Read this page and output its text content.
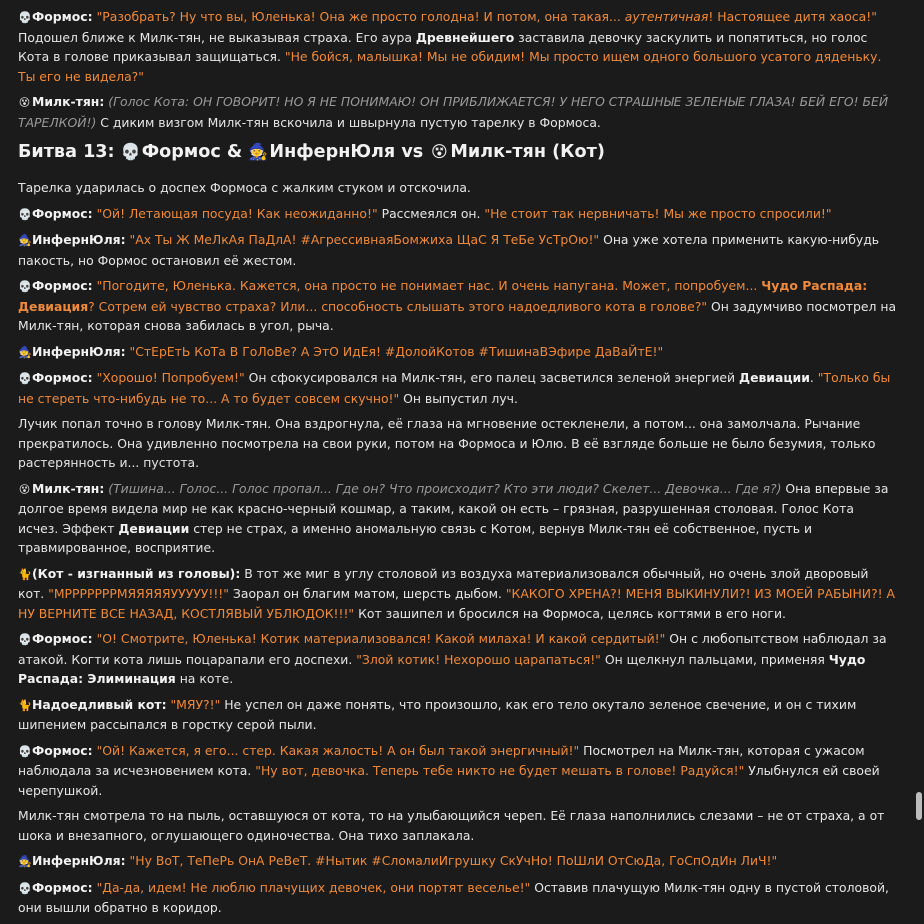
💀Формос: "Разобрать? Ну что вы, Юленька! Она же просто голодна! И потом, она такая... аутентичная! Настоящее дитя хаоса!" Подошел ближе к Милк-тян, не выказывая страха. Его аура Древнейшего заставила девочку заскулить и попятиться, но голос Кота в голове приказывал защищаться. "Не бойся, малышка! Мы не обидим! Мы просто ищем одного большого усатого дяденьку. Ты его не видела?"

😵 Милк-тян: (Голос Кота: ОН ГОВОРИТ! НО Я НЕ ПОНИМАЮ! ОН ПРИБЛИЖАЕТСЯ! У НЕГО СТРАШНЫЕ ЗЕЛЕНЫЕ ГЛАЗА! БЕЙ ЕГО! БЕЙ ТАРЕЛКОЙ!) С диким визгом Милк-тян вскочила и швырнула пустую тарелку в Формоса.

Битва 13: 💀Формос & 🧙ИнфернЮля vs 😵 Милк-тян (Кот)

Тарелка ударилась о доспех Формоса с жалким стуком и отскочила.

💀Формос: "Ой! Летающая посуда! Как неожиданно!" Рассмеялся он. "Не стоит так нервничать! Мы же просто спросили!"

🧙ИнфернЮля: "Ах Ты Ж МеЛкАя ПаДлА! #АгрессивнаяБомжиха ЩаС Я ТеБе УсТрОю!" Она уже хотела применить какую-нибудь пакость, но Формос остановил её жестом.

💀Формос: "Погодите, Юленька. Кажется, она просто не понимает нас. И очень напугана. Может, попробуем... Чудо Распада: Девиация? Сотрем ей чувство страха? Или... способность слышать этого надоедливого кота в голове?" Он задумчиво посмотрел на Милк-тян, которая снова забилась в угол, рыча.

🧙ИнфернЮля: "СтЕрЕтЬ КоТа В ГоЛоВе? А ЭтО ИдЕя! #ДолойКотов #ТишинаВЭфире ДаВаЙтЕ!"

💀Формос: "Хорошо! Попробуем!" Он сфокусировался на Милк-тян, его палец засветился зеленой энергией Девиации. "Только бы не стереть что-нибудь не то... А то будет совсем скучно!" Он выпустил луч.

Лучик попал точно в голову Милк-тян. Она вздрогнула, её глаза на мгновение остекленели, а потом... она замолчала. Рычание прекратилось. Она удивленно посмотрела на свои руки, потом на Формоса и Юлю. В её взгляде больше не было безумия, только растерянность и... пустота.

😵 Милк-тян: (Тишина... Голос... Голос пропал... Где он? Что происходит? Кто эти люди? Скелет... Девочка... Где я?) Она впервые за долгое время видела мир не как красно-черный кошмар, а таким, какой он есть – грязная, разрушенная столовая. Голос Кота исчез. Эффект Девиации стер не страх, а именно аномальную связь с Котом, вернув Милк-тян её собственное, пусть и травмированное, восприятие.

🐈(Кот - изгнанный из головы): В тот же миг в углу столовой из воздуха материализовался обычный, но очень злой дворовый кот. "МРРРРРРРМЯЯЯЯЯУУУУУ!!!" Заорал он благим матом, шерсть дыбом. "КАКОГО ХРЕНА?! МЕНЯ ВЫКИНУЛИ?! ИЗ МОЕЙ РАБЫНИ?! А НУ ВЕРНИТЕ ВСЕ НАЗАД, КОСТЛЯВЫЙ УБЛЮДОК!!!" Кот зашипел и бросился на Формоса, целясь когтями в его ноги.

💀Формос: "О! Смотрите, Юленька! Котик материализовался! Какой милаха! И какой сердитый!" Он с любопытством наблюдал за атакой. Когти кота лишь поцарапали его доспехи. "Злой котик! Нехорошо царапаться!" Он щелкнул пальцами, применяя Чудо Распада: Элиминация на коте.

🐈Надоедливый кот: "МЯУ?!" Не успел он даже понять, что произошло, как его тело окутало зеленое свечение, и он с тихим шипением рассыпался в горстку серой пыли.

💀Формос: "Ой! Кажется, я его... стер. Какая жалость! А он был такой энергичный!" Посмотрел на Милк-тян, которая с ужасом наблюдала за исчезновением кота. "Ну вот, девочка. Теперь тебе никто не будет мешать в голове! Радуйся!" Улыбнулся ей своей черепушкой.

Милк-тян смотрела то на пыль, оставшуюся от кота, то на улыбающийся череп. Её глаза наполнились слезами – не от страха, а от шока и внезапного, оглушающего одиночества. Она тихо заплакала.

🧙ИнфернЮля: "Ну ВоТ, ТеПеРь ОнА РеВеТ. #Нытик #СломалиИгрушку СкУчНо! ПоШлИ ОтСюДа, ГоСпОдИн ЛиЧ!"

💀Формос: "Да-да, идем! Не люблю плачущих девочек, они портят веселье!" Оставив плачущую Милк-тян одну в пустой столовой, они вышли обратно в коридор.
